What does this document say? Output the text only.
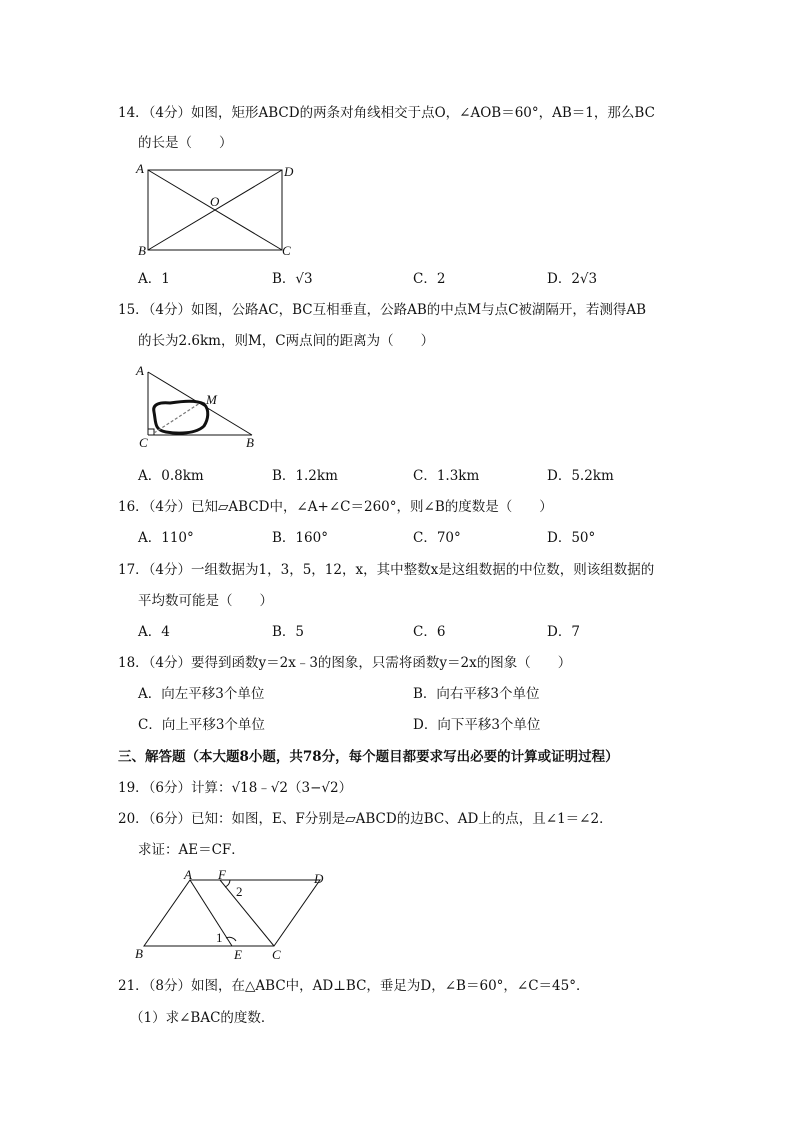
14．（4分）如图，矩形ABCD的两条对角线相交于点O，∠AOB＝60°，AB＝1，那么BC
的长是（　　）
A	D
O
B	C
A．1	B．√3	C．2	D．2√3
15．（4分）如图，公路AC，BC互相垂直，公路AB的中点M与点C被湖隔开，若测得AB
的长为2.6km，则M，C两点间的距离为（　　）
A
M
C	B
A．0.8km	B．1.2km	C．1.3km	D．5.2km
16．（4分）已知▱ABCD中，∠A+∠C＝260°，则∠B的度数是（　　）
A．110°	B．160°	C．70°	D．50°
17．（4分）一组数据为1，3，5，12，x，其中整数x是这组数据的中位数，则该组数据的
平均数可能是（　　）
A．4	B．5	C．6	D．7
18．（4分）要得到函数y＝2x﹣3的图象，只需将函数y＝2x的图象（　　）
A．向左平移3个单位	B．向右平移3个单位
C．向上平移3个单位	D．向下平移3个单位
三、解答题（本大题8小题，共78分，每个题目都要求写出必要的计算或证明过程）
19．（6分）计算：√18﹣√2（3−√2）
20．（6分）已知：如图，E、F分别是▱ABCD的边BC、AD上的点，且∠1＝∠2．
求证：AE＝CF．
A F	D
2
1
B	E C
21．（8分）如图，在△ABC中，AD⊥BC，垂足为D，∠B＝60°，∠C＝45°．
（1）求∠BAC的度数．
